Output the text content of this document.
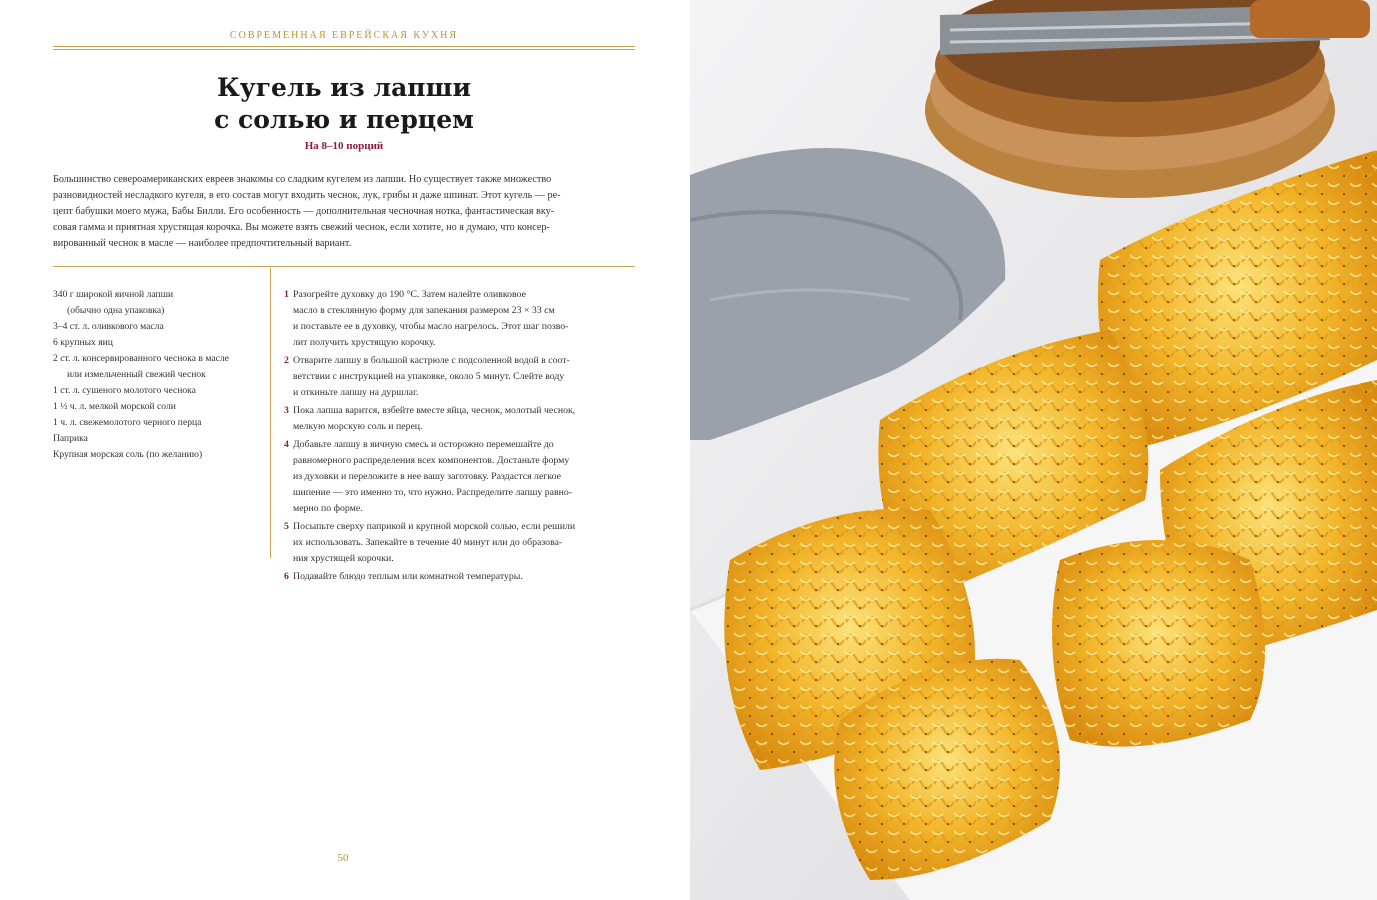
СОВРЕМЕННАЯ ЕВРЕЙСКАЯ КУХНЯ
Кугель из лапши
с солью и перцем
На 8–10 порций
Большинство североамериканских евреев знакомы со сладким кугелем из лапши. Но существует также множество
разновидностей несладкого кугеля, в его состав могут входить чеснок, лук, грибы и даже шпинат. Этот кугель — ре-
цепт бабушки моего мужа, Бабы Билли. Его особенность — дополнительная чесночная нотка, фантастическая вку-
совая гамма и приятная хрустящая корочка. Вы можете взять свежий чеснок, если хотите, но я думаю, что консер-
вированный чеснок в масле — наиболее предпочтительный вариант.
340 г широкой яичной лапши
(обычно одна упаковка)
3–4 ст. л. оливкового масла
6 крупных яиц
2 ст. л. консервированного чеснока в масле
или измельченный свежий чеснок
1 ст. л. сушеного молотого чеснока
1 ½ ч. л. мелкой морской соли
1 ч. л. свежемолотого черного перца
Паприка
Крупная морская соль (по желанию)
1 Разогрейте духовку до 190 °С. Затем налейте оливковое
масло в стеклянную форму для запекания размером 23 × 33 см
и поставьте ее в духовку, чтобы масло нагрелось. Этот шаг позво-
лит получить хрустящую корочку.
2 Отварите лапшу в большой кастрюле с подсоленной водой в соот-
ветствии с инструкцией на упаковке, около 5 минут. Слейте воду
и откиньте лапшу на дуршлаг.
3 Пока лапша варится, взбейте вместе яйца, чеснок, молотый чеснок,
мелкую морскую соль и перец.
4 Добавьте лапшу в яичную смесь и осторожно перемешайте до
равномерного распределения всех компонентов. Достаньте форму
из духовки и переложите в нее вашу заготовку. Раздастся легкое
шипение — это именно то, что нужно. Распределите лапшу равно-
мерно по форме.
5 Посыпьте сверху паприкой и крупной морской солью, если решили
их использовать. Запекайте в течение 40 минут или до образова-
ния хрустящей корочки.
6 Подавайте блюдо теплым или комнатной температуры.
50
